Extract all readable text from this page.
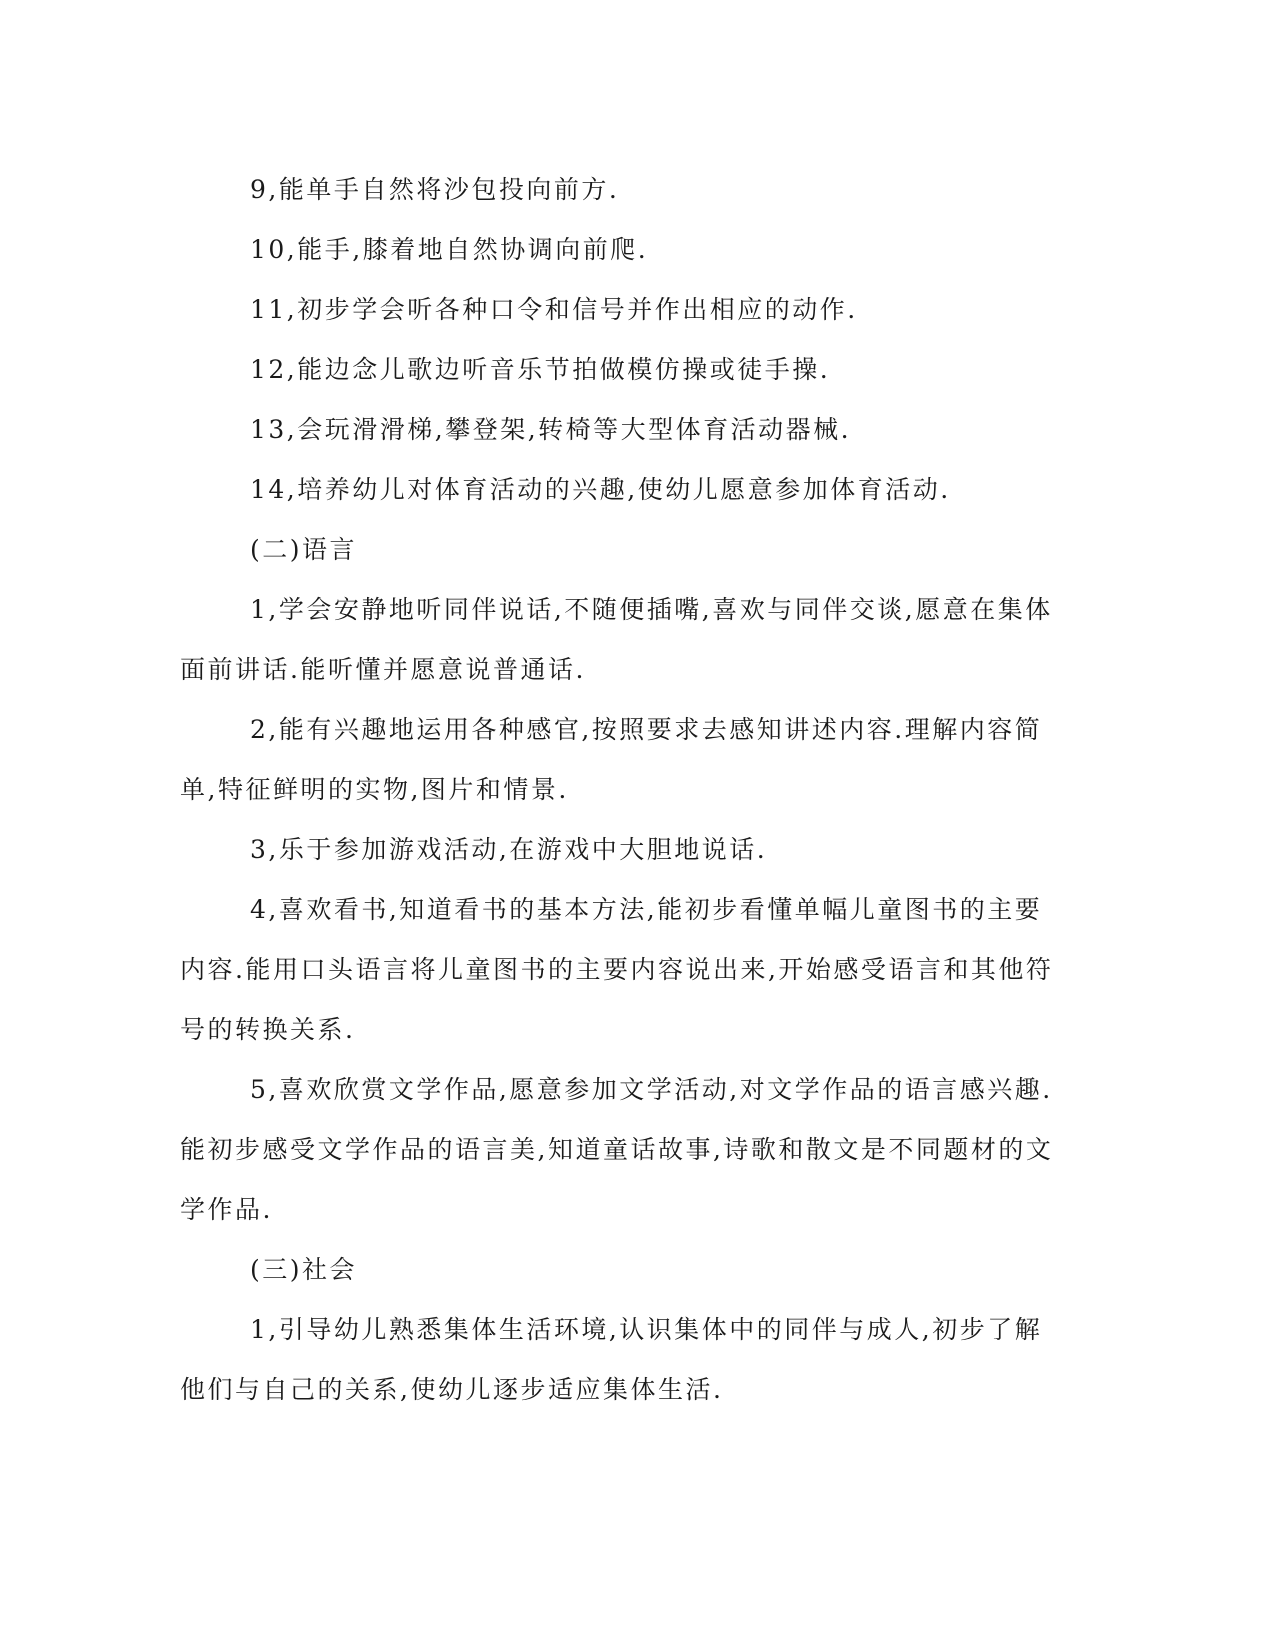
9,能单手自然将沙包投向前方.

10,能手,膝着地自然协调向前爬.

11,初步学会听各种口令和信号并作出相应的动作.

12,能边念儿歌边听音乐节拍做模仿操或徒手操.

13,会玩滑滑梯,攀登架,转椅等大型体育活动器械.

14,培养幼儿对体育活动的兴趣,使幼儿愿意参加体育活动.

(二)语言

1,学会安静地听同伴说话,不随便插嘴,喜欢与同伴交谈,愿意在集体面前讲话.能听懂并愿意说普通话.

2,能有兴趣地运用各种感官,按照要求去感知讲述内容.理解内容简单,特征鲜明的实物,图片和情景.

3,乐于参加游戏活动,在游戏中大胆地说话.

4,喜欢看书,知道看书的基本方法,能初步看懂单幅儿童图书的主要内容.能用口头语言将儿童图书的主要内容说出来,开始感受语言和其他符号的转换关系.

5,喜欢欣赏文学作品,愿意参加文学活动,对文学作品的语言感兴趣.能初步感受文学作品的语言美,知道童话故事,诗歌和散文是不同题材的文学作品.

(三)社会

1,引导幼儿熟悉集体生活环境,认识集体中的同伴与成人,初步了解他们与自己的关系,使幼儿逐步适应集体生活.
